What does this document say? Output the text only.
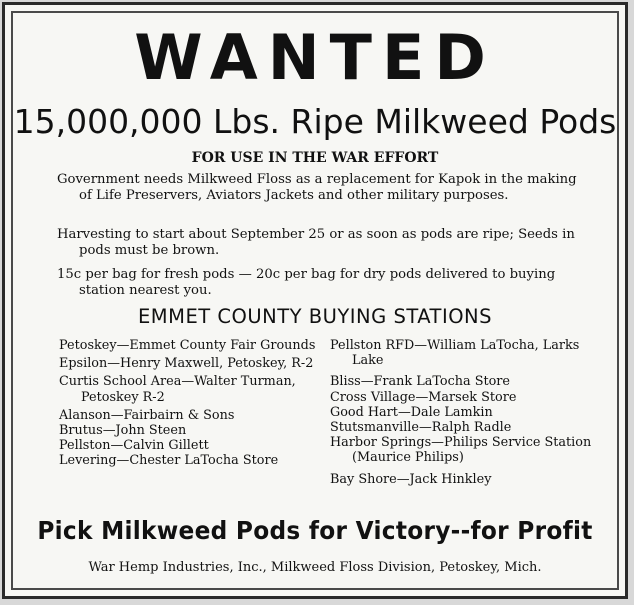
WANTED
15,000,000 Lbs. Ripe Milkweed Pods
FOR USE IN THE WAR EFFORT
Government needs Milkweed Floss as a replacement for Kapok in the making of Life Preservers, Aviators Jackets and other military purposes.
Harvesting to start about September 25 or as soon as pods are ripe; Seeds in pods must be brown.
15c per bag for fresh pods — 20c per bag for dry pods delivered to buying station nearest you.
EMMET COUNTY BUYING STATIONS
Petoskey—Emmet County Fair Grounds
Epsilon—Henry Maxwell, Petoskey, R-2
Curtis School Area—Walter Turman, Petoskey R-2
Alanson—Fairbairn & Sons
Brutus—John Steen
Pellston—Calvin Gillett
Levering—Chester LaTocha Store
Pellston RFD—William LaTocha, Larks Lake
Bliss—Frank LaTocha Store
Cross Village—Marsek Store
Good Hart—Dale Lamkin
Stutsmanville—Ralph Radle
Harbor Springs—Philips Service Station (Maurice Philips)
Bay Shore—Jack Hinkley
Pick Milkweed Pods for Victory--for Profit
War Hemp Industries, Inc., Milkweed Floss Division, Petoskey, Mich.
